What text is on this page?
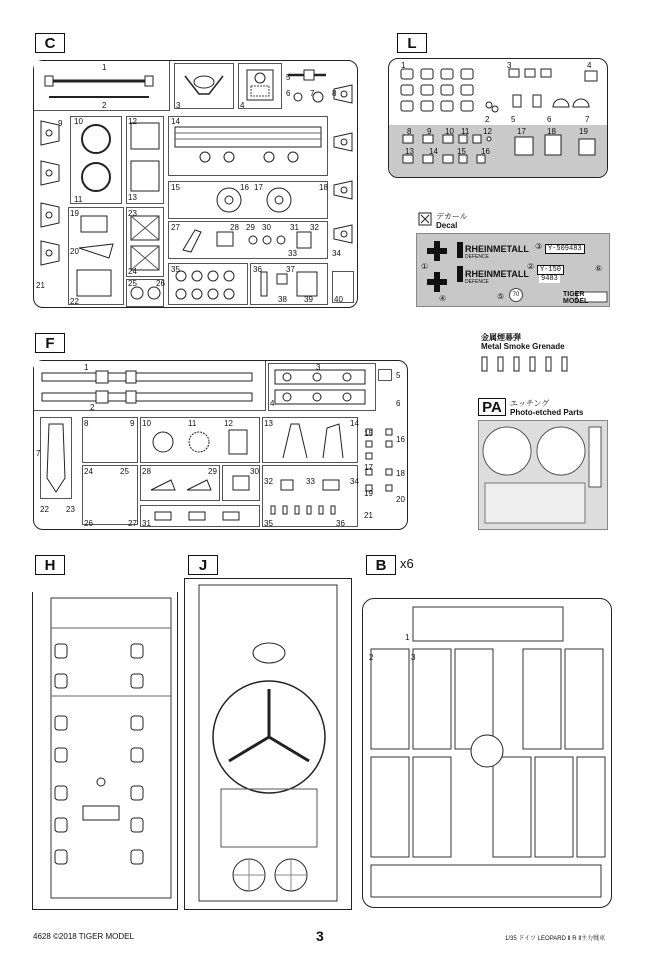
C
1
2	3	4
5
6 7 8
9 10
11
12
13
14
15	16 17	18
19
20
21
22
23
24
25 26
27	28 29 30 31 32
33
35	36	37
38 39
34
40
L
1
2
3	4
5	6	7
8 9 10 11 12
13 14 15 16
17	18	19
デカール
Decal
RHEINMETALL
DEFENCE
RHEINMETALL
DEFENCE
Y-509483
Y-150
9483
TIGER MODEL
70
①	②
③
④	⑤
⑥
金属煙幕弾
Metal Smoke Grenade
PA	エッチング
Photo-etched Parts
F
1
2
3
4
5
6
7
8	9 10	11	12	13	14
15
16
17
18
19
20
21
24	25
26	27
28	29	30
31
32	33	34
35	36
22 23
H	J	B	x6
1
2	3
4628 ©2018 TIGER MODEL	3	1/35 ドイツ LEOPARD Ⅱ R Ⅱ主力戦車
